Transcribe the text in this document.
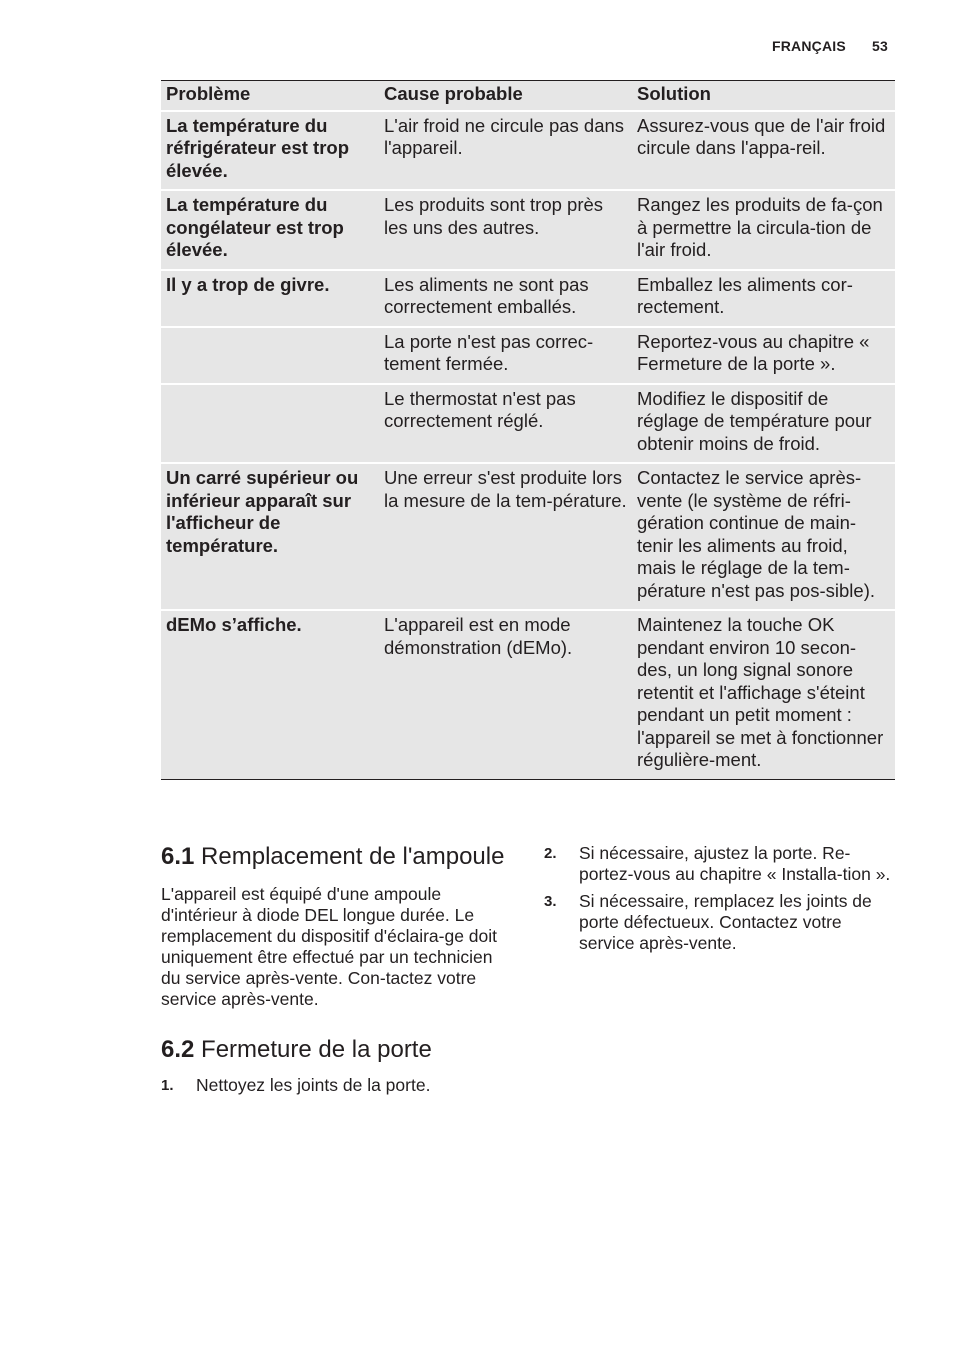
FRANÇAIS 53
Problème	Cause probable	Solution
La température du réfrigérateur est trop élevée.	L'air froid ne circule pas dans l'appareil.	Assurez-vous que de l'air froid circule dans l'appa-reil.
La température du congélateur est trop élevée.	Les produits sont trop près les uns des autres.	Rangez les produits de fa-çon à permettre la circula-tion de l'air froid.
Il y a trop de givre.	Les aliments ne sont pas correctement emballés.	Emballez les aliments cor-rectement.
	La porte n'est pas correc-tement fermée.	Reportez-vous au chapitre « Fermeture de la porte ».
	Le thermostat n'est pas correctement réglé.	Modifiez le dispositif de réglage de température pour obtenir moins de froid.
Un carré supérieur ou inférieur apparaît sur l'afficheur de température.	Une erreur s'est produite lors la mesure de la tem-pérature.	Contactez le service après-vente (le système de réfri-gération continue de main-tenir les aliments au froid, mais le réglage de la tem-pérature n'est pas pos-sible).
dEMo s’affiche.	L'appareil est en mode démonstration (dEMo).	Maintenez la touche OK pendant environ 10 secon-des, un long signal sonore retentit et l'affichage s'éteint pendant un petit moment : l'appareil se met à fonctionner régulière-ment.
6.1 Remplacement de l'ampoule

L'appareil est équipé d'une ampoule d'intérieur à diode DEL longue durée. Le remplacement du dispositif d'éclaira-ge doit uniquement être effectué par un technicien du service après-vente. Con-tactez votre service après-vente.

6.2 Fermeture de la porte
1.	Nettoyez les joints de la porte.
2.	Si nécessaire, ajustez la porte. Re-portez-vous au chapitre « Installa-tion ».
3.	Si nécessaire, remplacez les joints de porte défectueux. Contactez votre service après-vente.
